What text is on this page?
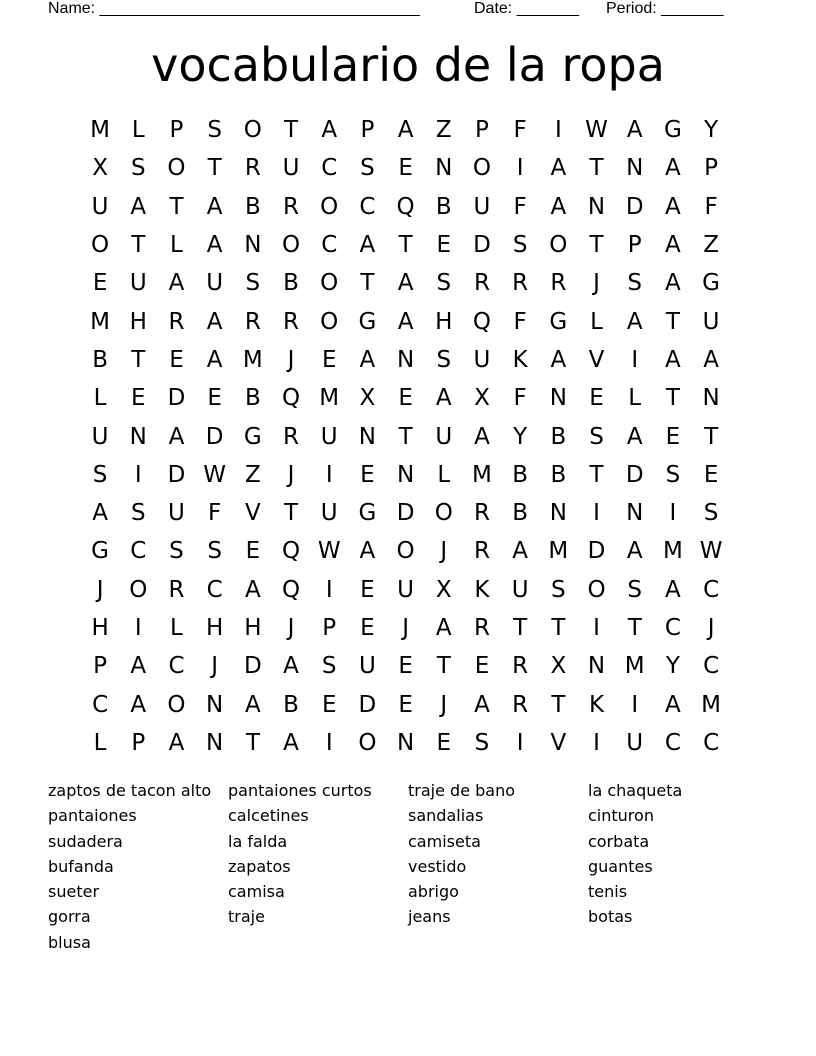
Name: ____________________________________	Date: _______ Period: _______
vocabulario de la ropa
M L	P	S O T	A	P	A Z	P	F	I	W A G Y
X	S O T	R U C S	E N O	I	A	T N A	P
U A	T	A B R O C Q B U	F	A N D A	F
O T	L	A N O C A	T	E D S O T	P	A Z
E U A U S	B O T	A	S R R R	J	S	A G
M H R A R R O G A H Q F G L	A	T U
B	T	E	A M	J	E	A N S U K A V	I	A A
L	E D E	B Q M X	E	A X	F N E	L	T N
U N A D G R U N T U A	Y	B S	A	E	T
S	I	D W Z	J	I	E N	L M B B	T D S	E
A	S U	F	V	T U G D O R B N	I	N	I	S
G C S	S	E Q W A O	J	R A M D A M W
J	O R C A Q	I	E U X K U S O S	A C
H	I	L	H H	J	P	E	J	A R	T	T	I	T	C	J
P	A C	J	D A	S U E	T	E R X N M Y	C
C A O N A B	E D E	J	A R	T	K	I	A M
L	P	A N T	A	I	O N E	S	I	V	I	U C C
zaptos de tacon alto	pantaiones curtos	traje de bano	la chaqueta
pantaiones	calcetines	sandalias	cinturon
sudadera	la falda	camiseta	corbata
bufanda	zapatos	vestido	guantes
sueter	camisa	abrigo	tenis
gorra	traje	jeans	botas
blusa
